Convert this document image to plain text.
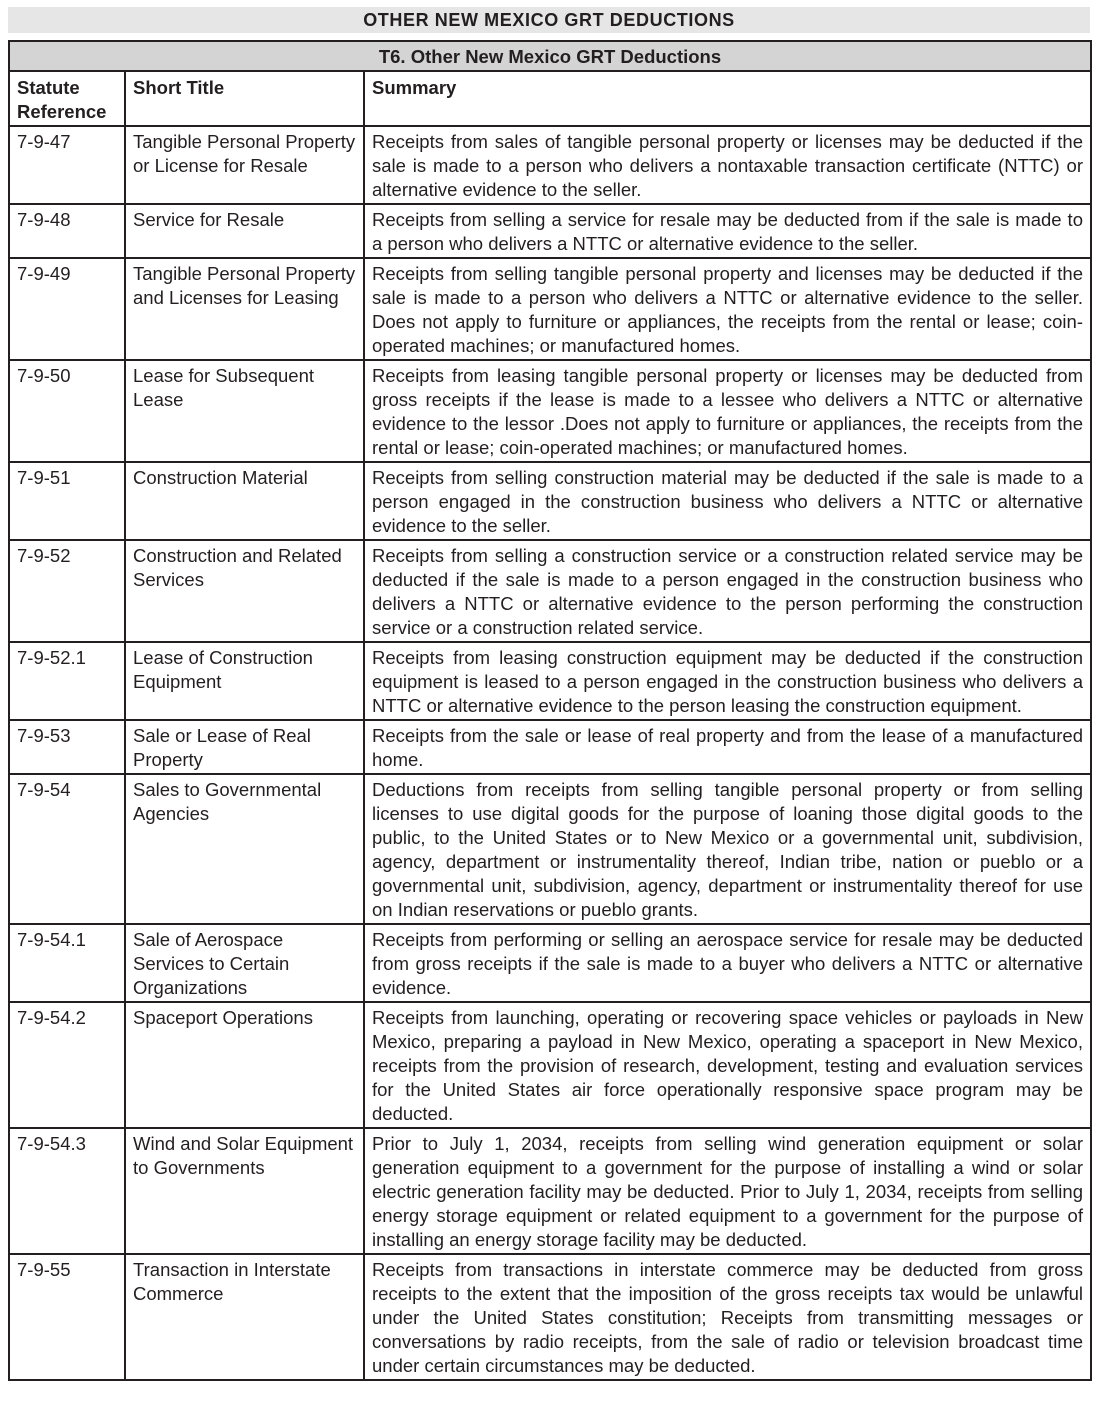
OTHER NEW MEXICO GRT DEDUCTIONS
T6. Other New Mexico GRT Deductions		
Statute Reference	Short Title	Summary
7-9-47	Tangible Personal Property or License for Resale	Receipts from sales of tangible personal property or licenses may be deducted if the sale is made to a person who delivers a nontaxable transaction certificate (NTTC) or alternative evidence to the seller.
7-9-48	Service for Resale	Receipts from selling a service for resale may be deducted from if the sale is made to a person who delivers a NTTC or alternative evidence to the seller.
7-9-49	Tangible Personal Property and Licenses for Leasing	Receipts from selling tangible personal property and licenses may be deducted if the sale is made to a person who delivers a NTTC or alternative evidence to the seller. Does not apply to furniture or appliances, the receipts from the rental or lease; coin-operated machines; or manufactured homes.
7-9-50	Lease for Subsequent Lease	Receipts from leasing tangible personal property or licenses may be deducted from gross receipts if the lease is made to a lessee who delivers a NTTC or alternative evidence to the lessor .Does not apply to furniture or appliances, the receipts from the rental or lease; coin-operated machines; or manufactured homes.
7-9-51	Construction Material	Receipts from selling construction material may be deducted if the sale is made to a person engaged in the construction business who delivers a NTTC or alternative evidence to the seller.
7-9-52	Construction and Related Services	Receipts from selling a construction service or a construction related service may be deducted if the sale is made to a person engaged in the construction business who delivers a NTTC or alternative evidence to the person performing the construction service or a construction related service.
7-9-52.1	Lease of Construction Equipment	Receipts from leasing construction equipment may be deducted if the construction equipment is leased to a person engaged in the construction business who delivers a NTTC or alternative evidence to the person leasing the construction equipment.
7-9-53	Sale or Lease of Real Property	Receipts from the sale or lease of real property and from the lease of a manufactured home.
7-9-54	Sales to Governmental Agencies	Deductions from receipts from selling tangible personal property or from selling licenses to use digital goods for the purpose of loaning those digital goods to the public, to the United States or to New Mexico or a governmental unit, subdivision, agency, department or instrumentality thereof, Indian tribe, nation or pueblo or a governmental unit, subdivision, agency, department or instrumentality thereof for use on Indian reservations or pueblo grants.
7-9-54.1	Sale of Aerospace Services to Certain Organizations	Receipts from performing or selling an aerospace service for resale may be deducted from gross receipts if the sale is made to a buyer who delivers a NTTC or alternative evidence.
7-9-54.2	Spaceport Operations	Receipts from launching, operating or recovering space vehicles or payloads in New Mexico, preparing a payload in New Mexico, operating a spaceport in New Mexico, receipts from the provision of research, development, testing and evaluation services for the United States air force operationally responsive space program may be deducted.
7-9-54.3	Wind and Solar Equipment to Governments	Prior to July 1, 2034, receipts from selling wind generation equipment or solar generation equipment to a government for the purpose of installing a wind or solar electric generation facility may be deducted. Prior to July 1, 2034, receipts from selling energy storage equipment or related equipment to a government for the purpose of installing an energy storage facility may be deducted.
7-9-55	Transaction in Interstate Commerce	Receipts from transactions in interstate commerce may be deducted from gross receipts to the extent that the imposition of the gross receipts tax would be unlawful under the United States constitution; Receipts from transmitting messages or conversations by radio receipts, from the sale of radio or television broadcast time under certain circumstances may be deducted.
